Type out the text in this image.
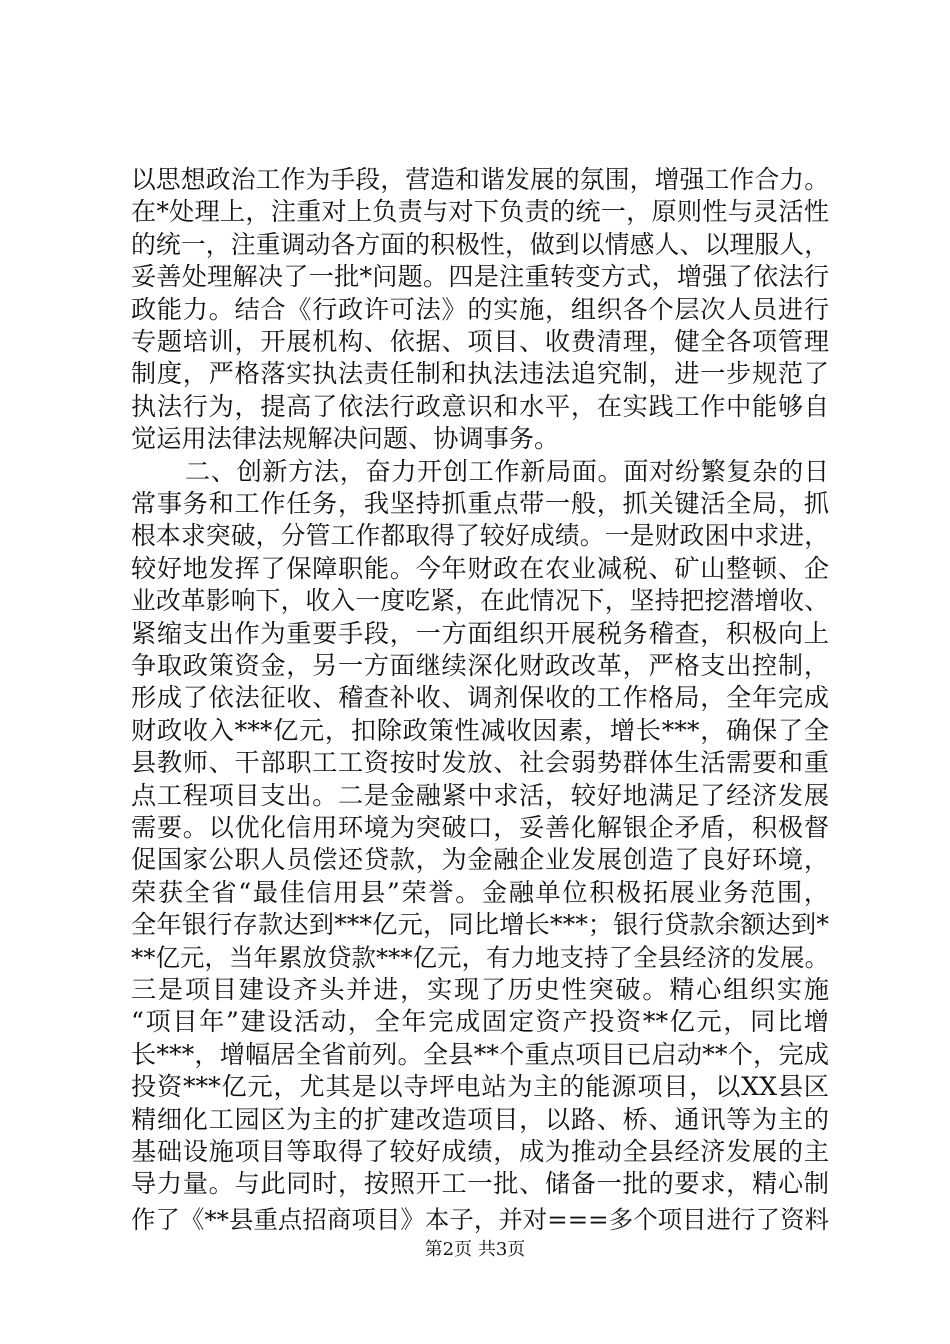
以思想政治工作为手段，营造和谐发展的氛围，增强工作合力。
在*处理上，注重对上负责与对下负责的统一，原则性与灵活性
的统一，注重调动各方面的积极性，做到以情感人、以理服人，
妥善处理解决了一批*问题。四是注重转变方式，增强了依法行
政能力。结合《行政许可法》的实施，组织各个层次人员进行
专题培训，开展机构、依据、项目、收费清理，健全各项管理
制度，严格落实执法责任制和执法违法追究制，进一步规范了
执法行为，提高了依法行政意识和水平，在实践工作中能够自
觉运用法律法规解决问题、协调事务。
二、创新方法，奋力开创工作新局面。面对纷繁复杂的日
常事务和工作任务，我坚持抓重点带一般，抓关键活全局，抓
根本求突破，分管工作都取得了较好成绩。一是财政困中求进，
较好地发挥了保障职能。今年财政在农业减税、矿山整顿、企
业改革影响下，收入一度吃紧，在此情况下，坚持把挖潜增收、
紧缩支出作为重要手段，一方面组织开展税务稽查，积极向上
争取政策资金，另一方面继续深化财政改革，严格支出控制，
形成了依法征收、稽查补收、调剂保收的工作格局，全年完成
财政收入***亿元，扣除政策性减收因素，增长***，确保了全
县教师、干部职工工资按时发放、社会弱势群体生活需要和重
点工程项目支出。二是金融紧中求活，较好地满足了经济发展
需要。以优化信用环境为突破口，妥善化解银企矛盾，积极督
促国家公职人员偿还贷款，为金融企业发展创造了良好环境，
荣获全省“最佳信用县”荣誉。金融单位积极拓展业务范围，
全年银行存款达到***亿元，同比增长***；银行贷款余额达到*
**亿元，当年累放贷款***亿元，有力地支持了全县经济的发展。
三是项目建设齐头并进，实现了历史性突破。精心组织实施
“项目年”建设活动，全年完成固定资产投资**亿元，同比增
长***，增幅居全省前列。全县**个重点项目已启动**个，完成
投资***亿元，尤其是以寺坪电站为主的能源项目，以XX县区
精细化工园区为主的扩建改造项目，以路、桥、通讯等为主的
基础设施项目等取得了较好成绩，成为推动全县经济发展的主
导力量。与此同时，按照开工一批、储备一批的要求，精心制
作了《**县重点招商项目》本子，并对===多个项目进行了资料
第2页 共3页
